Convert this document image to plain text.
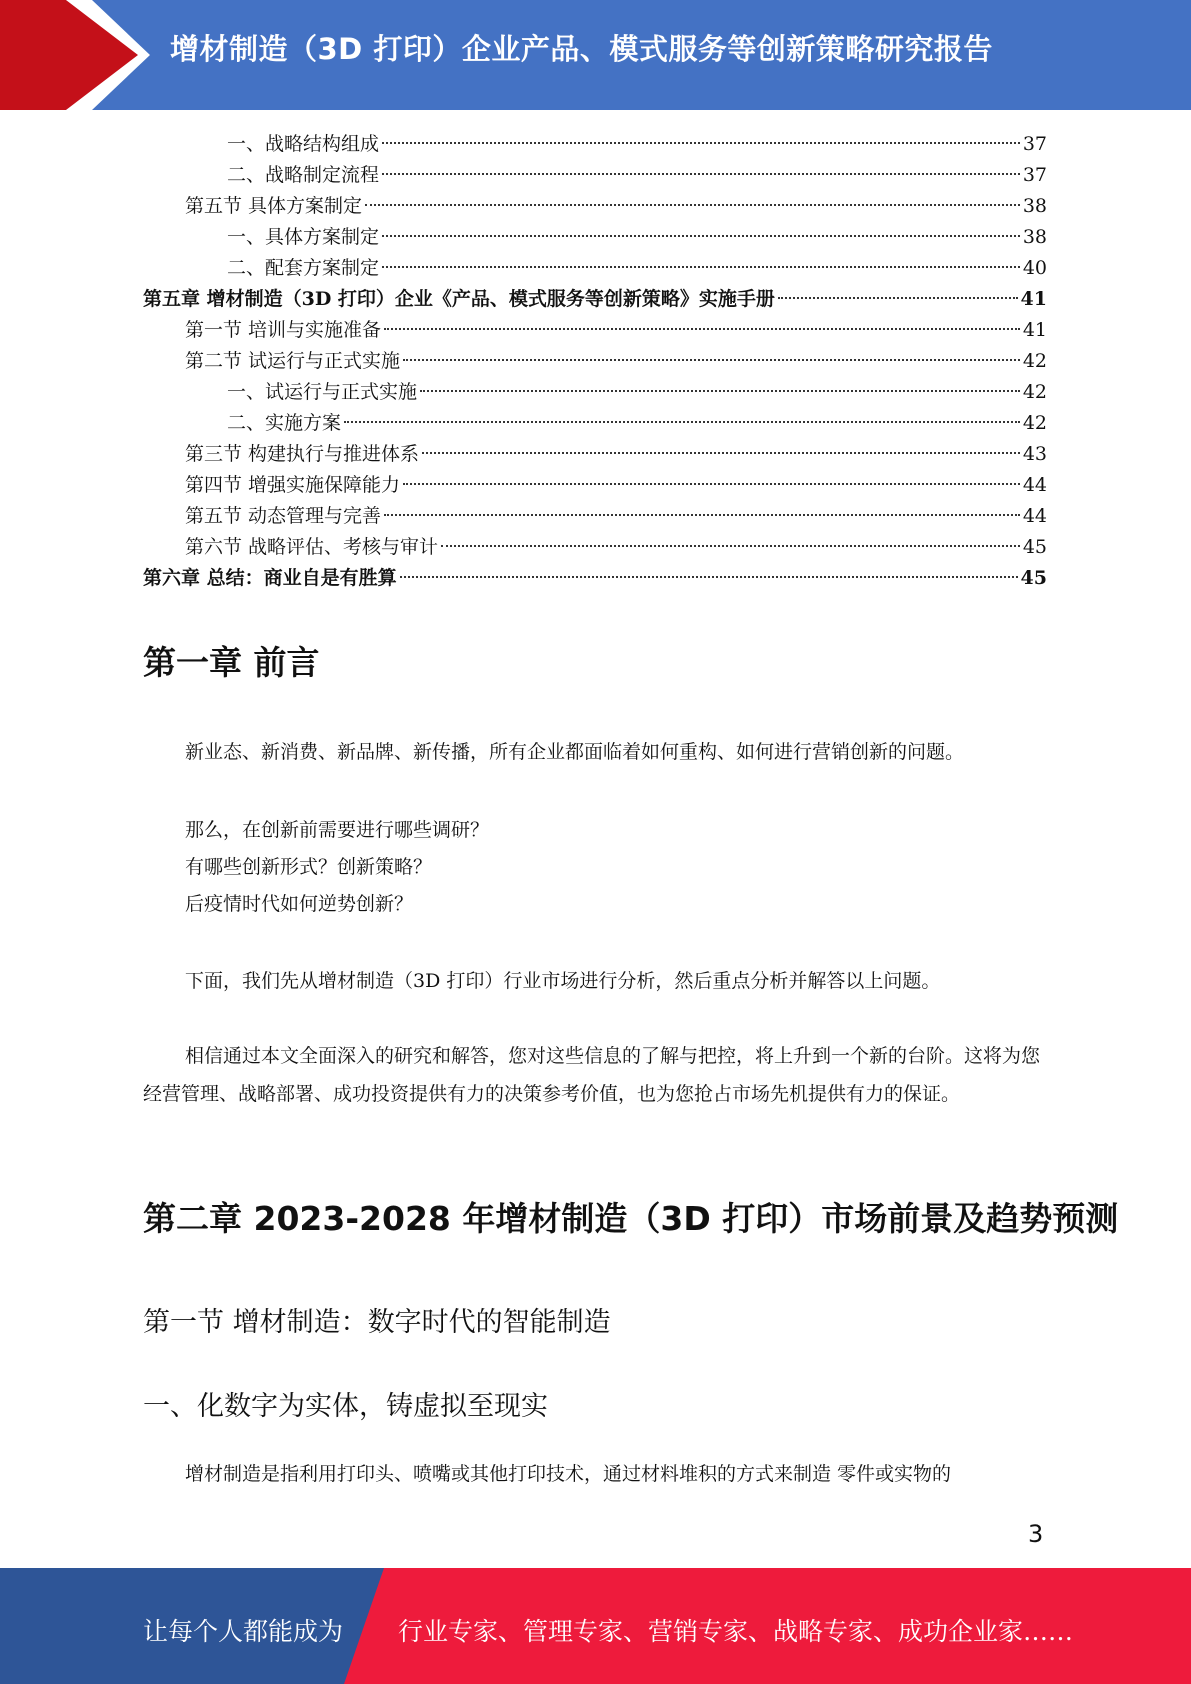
增材制造（3D 打印）企业产品、模式服务等创新策略研究报告
一、战略结构组成	37
二、战略制定流程	37
第五节 具体方案制定	38
一、具体方案制定	38
二、配套方案制定	40
第五章 增材制造（3D 打印）企业《产品、模式服务等创新策略》实施手册	41
第一节 培训与实施准备	41
第二节 试运行与正式实施	42
一、试运行与正式实施	42
二、实施方案	42
第三节 构建执行与推进体系	43
第四节 增强实施保障能力	44
第五节 动态管理与完善	44
第六节 战略评估、考核与审计	45
第六章 总结：商业自是有胜算	45
第一章 前言
新业态、新消费、新品牌、新传播，所有企业都面临着如何重构、如何进行营销创新的问题。
那么，在创新前需要进行哪些调研？
有哪些创新形式？创新策略？
后疫情时代如何逆势创新？
下面，我们先从增材制造（3D 打印）行业市场进行分析，然后重点分析并解答以上问题。
相信通过本文全面深入的研究和解答，您对这些信息的了解与把控，将上升到一个新的台阶。这将为您经营管理、战略部署、成功投资提供有力的决策参考价值，也为您抢占市场先机提供有力的保证。
第二章 2023-2028 年增材制造（3D 打印）市场前景及趋势预测
第一节 增材制造：数字时代的智能制造
一、化数字为实体，铸虚拟至现实
增材制造是指利用打印头、喷嘴或其他打印技术，通过材料堆积的方式来制造 零件或实物的
3
让每个人都能成为 行业专家、管理专家、营销专家、战略专家、成功企业家……
